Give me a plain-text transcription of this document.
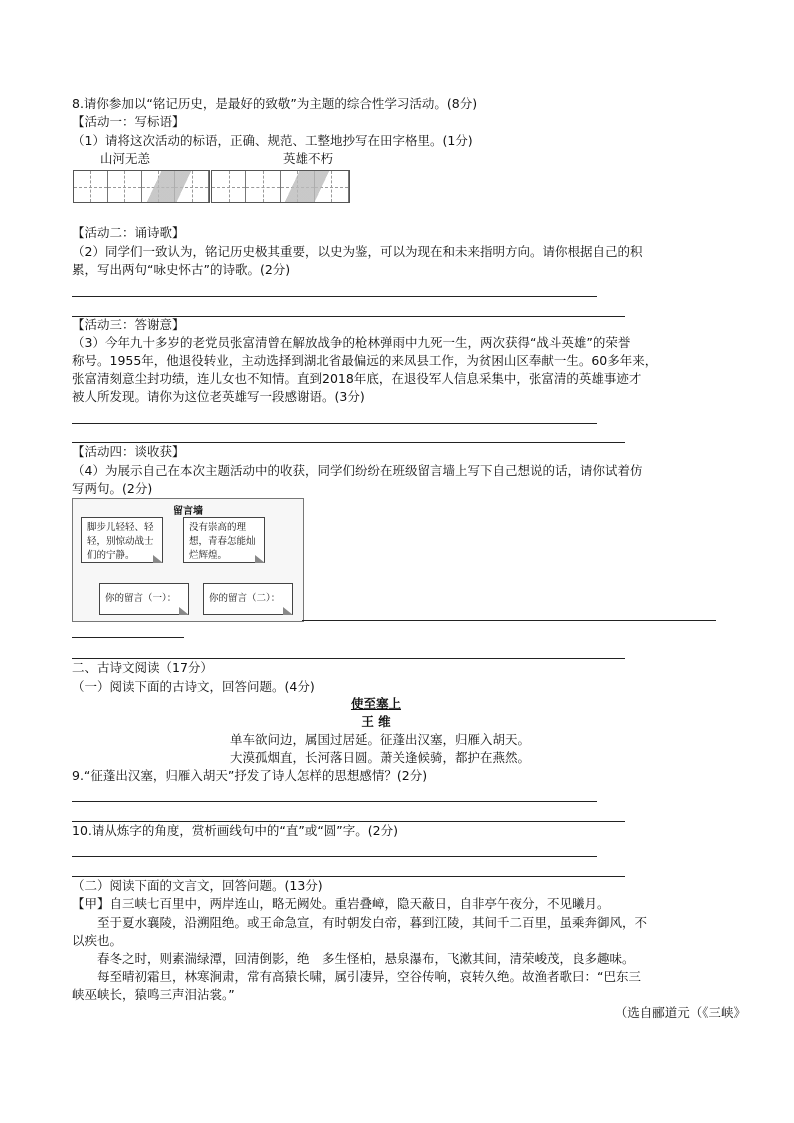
8.请你参加以“铭记历史，是最好的致敬”为主题的综合性学习活动。(8分)
【活动一：写标语】
（1）请将这次活动的标语，正确、规范、工整地抄写在田字格里。(1分)
山河无恙	英雄不朽
【活动二：诵诗歌】
（2）同学们一致认为，铭记历史极其重要，以史为鉴，可以为现在和未来指明方向。请你根据自己的积
累，写出两句“咏史怀古”的诗歌。(2分)
【活动三：答谢意】
（3）今年九十多岁的老党员张富清曾在解放战争的枪林弹雨中九死一生，两次获得“战斗英雄”的荣誉
称号。1955年，他退役转业，主动选择到湖北省最偏远的来凤县工作，为贫困山区奉献一生。60多年来，
张富清刻意尘封功绩，连儿女也不知情。直到2018年底，在退役军人信息采集中，张富清的英雄事迹才
被人所发现。请你为这位老英雄写一段感谢语。(3分)
【活动四：谈收获】
（4）为展示自己在本次主题活动中的收获，同学们纷纷在班级留言墙上写下自己想说的话，请你试着仿
写两句。(2分)
留言墙
脚步儿轻轻、轻轻，别惊动战士们的宁静。
没有崇高的理想，青春怎能灿烂辉煌。
你的留言（一）：	你的留言（二）：
二、古诗文阅读（17分）
（一）阅读下面的古诗文，回答问题。(4分)
使至塞上
王 维
单车欲问边，属国过居延。征蓬出汉塞，归雁入胡天。
大漠孤烟直，长河落日圆。萧关逢候骑，都护在燕然。
9.“征蓬出汉塞，归雁入胡天”抒发了诗人怎样的思想感情？(2分)
10.请从炼字的角度，赏析画线句中的“直”或“圆”字。(2分)
（二）阅读下面的文言文，回答问题。(13分)
【甲】自三峡七百里中，两岸连山，略无阙处。重岩叠嶂，隐天蔽日，自非亭午夜分，不见曦月。
　　至于夏水襄陵，沿溯阻绝。或王命急宣，有时朝发白帝，暮到江陵，其间千二百里，虽乘奔御风，不
以疾也。
　　春冬之时，则素湍绿潭，回清倒影，绝　多生怪柏，悬泉瀑布，飞漱其间，清荣峻茂，良多趣味。
　　每至晴初霜旦，林寒涧肃，常有高猿长啸，属引凄异，空谷传响，哀转久绝。故渔者歌曰：“巴东三
峡巫峡长，猿鸣三声泪沾裳。”
（选自郦道元（《三峡》
